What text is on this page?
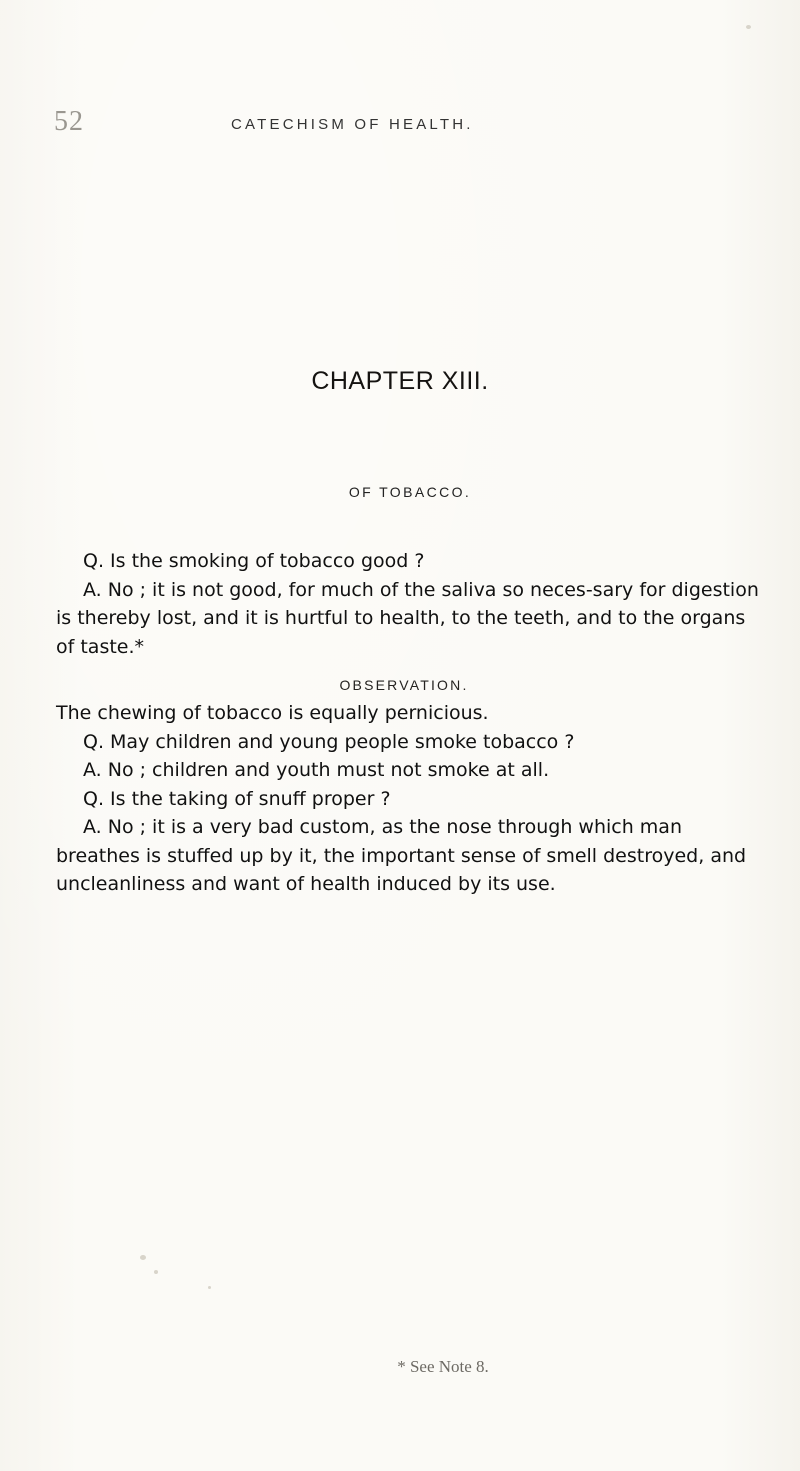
52	CATECHISM OF HEALTH.
CHAPTER XIII.
OF TOBACCO.
Q. Is the smoking of tobacco good ?
A. No ; it is not good, for much of the saliva so neces-sary for digestion is thereby lost, and it is hurtful to health, to the teeth, and to the organs of taste.*
OBSERVATION.
The chewing of tobacco is equally pernicious.
Q. May children and young people smoke tobacco ?
A. No ; children and youth must not smoke at all.
Q. Is the taking of snuff proper ?
A. No ; it is a very bad custom, as the nose through which man breathes is stuffed up by it, the important sense of smell destroyed, and uncleanliness and want of health induced by its use.
* See Note 8.
